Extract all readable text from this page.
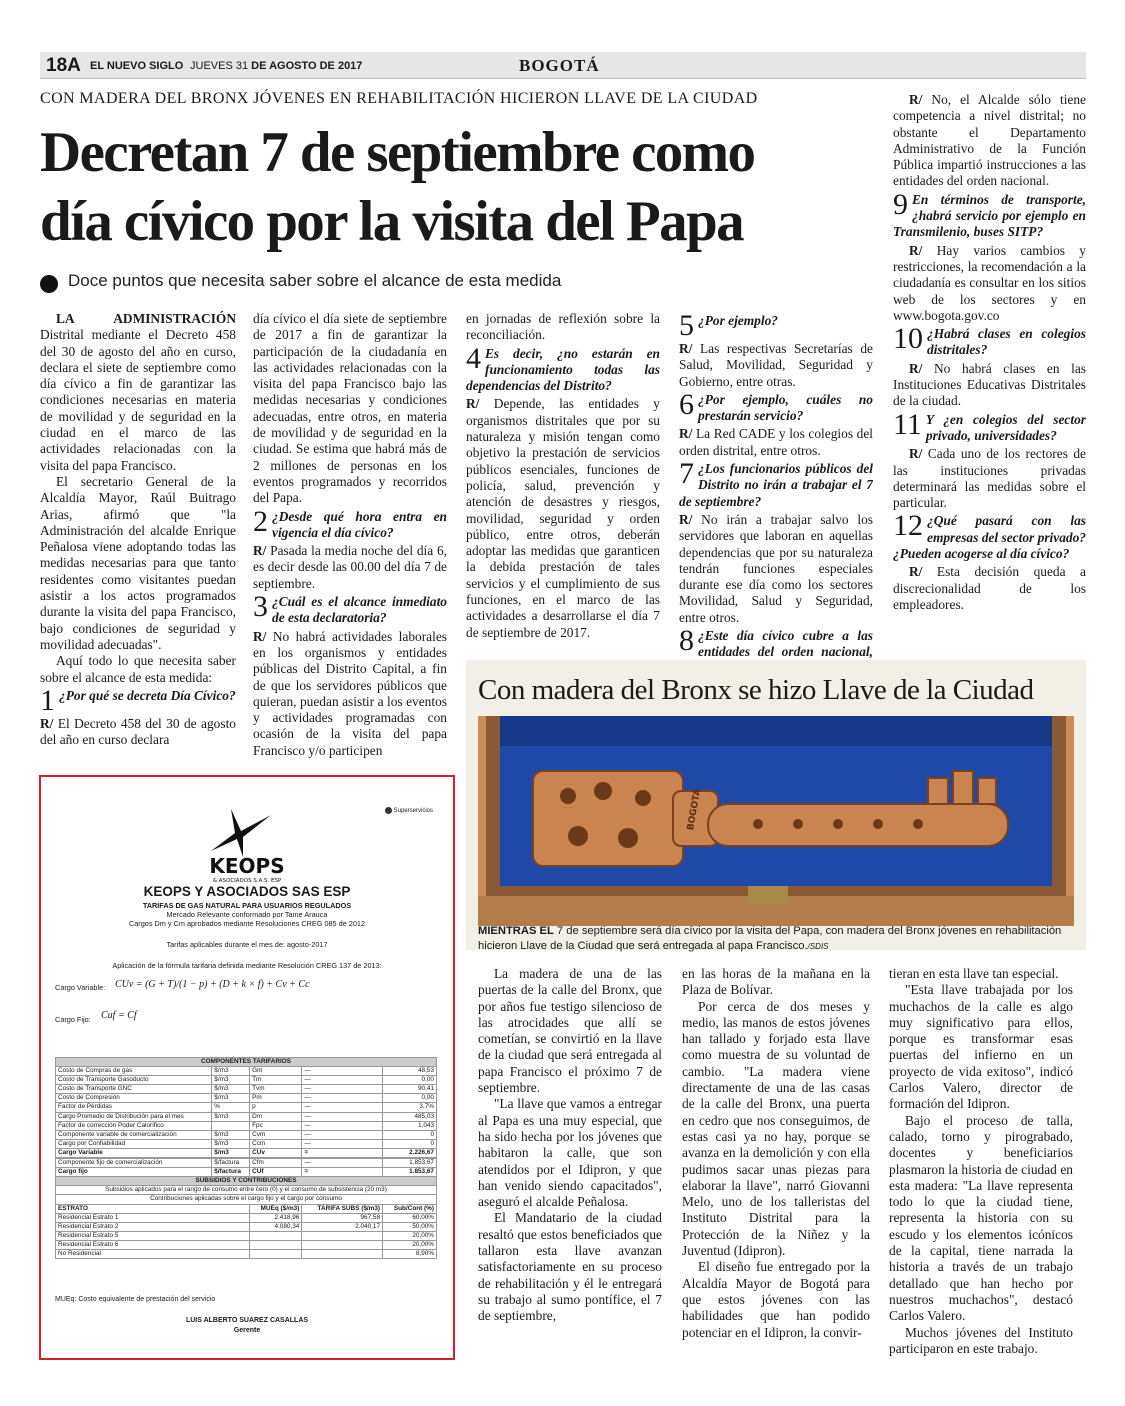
18A EL NUEVO SIGLO JUEVES 31 DE AGOSTO DE 2017	BOGOTÁ
CON MADERA DEL BRONX JÓVENES EN REHABILITACIÓN HICIERON LLAVE DE LA CIUDAD
Decretan 7 de septiembre como
día cívico por la visita del Papa
Doce puntos que necesita saber sobre el alcance de esta medida

LA ADMINISTRACIÓN Distrital mediante el Decreto 458 del 30 de agosto del año en curso, declara el siete de septiembre como día cívico a fin de garantizar las condiciones necesarias en materia de movilidad y de seguridad en la ciudad en el marco de las actividades relacionadas con la visita del papa Francisco.

El secretario General de la Alcaldía Mayor, Raúl Buitrago Arias, afirmó que "la Administración del alcalde Enrique Peñalosa viene adoptando todas las medidas necesarias para que tanto residentes como visitantes puedan asistir a los actos programados durante la visita del papa Francisco, bajo condiciones de seguridad y movilidad adecuadas".

Aquí todo lo que necesita saber sobre el alcance de esta medida:

1 ¿Por qué se decreta Día Cívico?

R/ El Decreto 458 del 30 de agosto del año en curso declara

día cívico el día siete de septiembre de 2017 a fin de garantizar la participación de la ciudadanía en las actividades relacionadas con la visita del papa Francisco bajo las medidas necesarias y condiciones adecuadas, entre otros, en materia de movilidad y de seguridad en la ciudad. Se estima que habrá más de 2 millones de personas en los eventos programados y recorridos del Papa.

2 ¿Desde qué hora entra en vigencia el día cívico?

R/ Pasada la media noche del día 6, es decir desde las 00.00 del día 7 de septiembre.

3 ¿Cuál es el alcance inmediato de esta declaratoria?

R/ No habrá actividades laborales en los organismos y entidades públicas del Distrito Capital, a fin de que los servidores públicos que quieran, puedan asistir a los eventos y actividades programadas con ocasión de la visita del papa Francisco y/o participen

en jornadas de reflexión sobre la reconciliación.

4 Es decir, ¿no estarán en funcionamiento todas las dependencias del Distrito?

R/ Depende, las entidades y organismos distritales que por su naturaleza y misión tengan como objetivo la prestación de servicios públicos esenciales, funciones de policía, salud, prevención y atención de desastres y riesgos, movilidad, seguridad y orden público, entre otros, deberán adoptar las medidas que garanticen la debida prestación de tales servicios y el cumplimiento de sus funciones, en el marco de las actividades a desarrollarse el día 7 de septiembre de 2017.

5 ¿Por ejemplo?

R/ Las respectivas Secretarías de Salud, Movilidad, Seguridad y Gobierno, entre otras.

6 ¿Por ejemplo, cuáles no prestarán servicio?

R/ La Red CADE y los colegios del orden distrital, entre otros.

7 ¿Los funcionarios públicos del Distrito no irán a trabajar el 7 de septiembre?

R/ No irán a trabajar salvo los servidores que laboran en aquellas dependencias que por su naturaleza tendrán funciones especiales durante ese día como los sectores Movilidad, Salud y Seguridad, entre otros.

8 ¿Este día cívico cubre a las entidades del orden nacional,

R/ No, el Alcalde sólo tiene competencia a nivel distrital; no obstante el Departamento Administrativo de la Función Pública impartió instrucciones a las entidades del orden nacional.

9 En términos de transporte, ¿habrá servicio por ejemplo en Transmilenio, buses SITP?

R/ Hay varios cambios y restricciones, la recomendación a la ciudadanía es consultar en los sitios web de los sectores y en www.bogota.gov.co

10 ¿Habrá clases en colegios distritales?

R/ No habrá clases en las Instituciones Educativas Distritales de la ciudad.

11 Y ¿en colegios del sector privado, universidades?

R/ Cada uno de los rectores de las instituciones privadas determinará las medidas sobre el particular.

12 ¿Qué pasará con las empresas del sector privado? ¿Pueden acogerse al día cívico?

R/ Esta decisión queda a discrecionalidad de los empleadores.

Con madera del Bronx se hizo Llave de la Ciudad
BOGOTÁ
MIENTRAS EL 7 de septiembre será día cívico por la visita del Papa, con madera del Bronx jóvenes en rehabilitación hicieron Llave de la Ciudad que será entregada al papa Francisco./SDIS

La madera de una de las puertas de la calle del Bronx, que por años fue testigo silencioso de las atrocidades que allí se cometían, se convirtió en la llave de la ciudad que será entregada al papa Francisco el próximo 7 de septiembre.

"La llave que vamos a entregar al Papa es una muy especial, que ha sido hecha por los jóvenes que habitaron la calle, que son atendidos por el Idipron, y que han venido siendo capacitados", aseguró el alcalde Peñalosa.

El Mandatario de la ciudad resaltó que estos beneficiados que tallaron esta llave avanzan satisfactoriamente en su proceso de rehabilitación y él le entregará su trabajo al sumo pontífice, el 7 de septiembre,

en las horas de la mañana en la Plaza de Bolívar.

Por cerca de dos meses y medio, las manos de estos jóvenes han tallado y forjado esta llave como muestra de su voluntad de cambio. "La madera viene directamente de una de las casas de la calle del Bronx, una puerta en cedro que nos conseguimos, de estas casi ya no hay, porque se avanza en la demolición y con ella pudimos sacar unas piezas para elaborar la llave", narró Giovanni Melo, uno de los talleristas del Instituto Distrital para la Protección de la Niñez y la Juventud (Idipron).

El diseño fue entregado por la Alcaldía Mayor de Bogotá para que estos jóvenes con las habilidades que han podido potenciar en el Idipron, la convir-

tieran en esta llave tan especial.

"Esta llave trabajada por los muchachos de la calle es algo muy significativo para ellos, porque es transformar esas puertas del infierno en un proyecto de vida exitoso", indicó Carlos Valero, director de formación del Idipron.

Bajo el proceso de talla, calado, torno y pirograbado, docentes y beneficiarios plasmaron la historia de ciudad en esta madera: "La llave representa todo lo que la ciudad tiene, representa la historia con su escudo y los elementos icónicos de la capital, tiene narrada la historia a través de un trabajo detallado que han hecho por nuestros muchachos", destacó Carlos Valero.

Muchos jóvenes del Instituto participaron en este trabajo.

KEOPS
& ASOCIADOS S.A.S. ESP
Superservicios
KEOPS Y ASOCIADOS SAS ESP
TARIFAS DE GAS NATURAL PARA USUARIOS REGULADOS
Mercado Relevante conformado por Tame Arauca
Cargos Dm y Cm aprobados mediante Resoluciones CREG 085 de 2012
Tarifas aplicables durante el mes de: agosto-2017
Aplicación de la fórmula tarifaria definida mediante Resolución CREG 137 de 2013:
Cargo Variable: CUv = (G + T)/(1 − p) + (D + k × f) + Cv + Cc
Cargo Fijo: Cuf = Cf
COMPONENTES TARIFARIOS				
Costo de Compras de gas	$/m3	Gm	—	48,53
Costo de Transporte Gasoducto	$/m3	Tm	—	0,00
Costo de Transporte GNC	$/m3	Tvm	—	90,41
Costo de Compresión	$/m3	Pm	—	0,00
Factor de Pérdidas	%	p	—	3,7%
Cargo Promedio de Distribución para el mes	$/m3	Dm	—	485,03
Factor de corrección Poder Calorífico		Fpc	—	1,043
Componente variable de comercialización	$/m3	Cvm	—	0
Cargo por Confiabilidad	$/m3	Ccm	—	0
Cargo Variable	$/m3	CUv	=	2.226,67

Componente fijo de comercialización	$/factura	Cfm	—	1.853,67
Cargo fijo	$/factura	CUf	=	1.853,67
SUBSIDIOS Y CONTRIBUCIONES				
Subsidios aplicados para el rango de consumo entre cero (0) y el consumo de subsistencia (20 m3)				
Contribuciones aplicadas sobre el cargo fijo y el cargo por consumo				
ESTRATO		MUEq ($/m3)	TARIFA SUBS ($/m3)	Sub/Cont (%)
Residencial Estrato 1		2.418,96	967,58	60,00%
Residencial Estrato 2		4.080,34	2.040,17	50,00%
Residencial Estrato 5				20,00%
Residencial Estrato 6				20,00%
No Residencial				8,90%
MUEq: Costo equivalente de prestación del servicio
LUIS ALBERTO SUAREZ CASALLAS
Gerente
